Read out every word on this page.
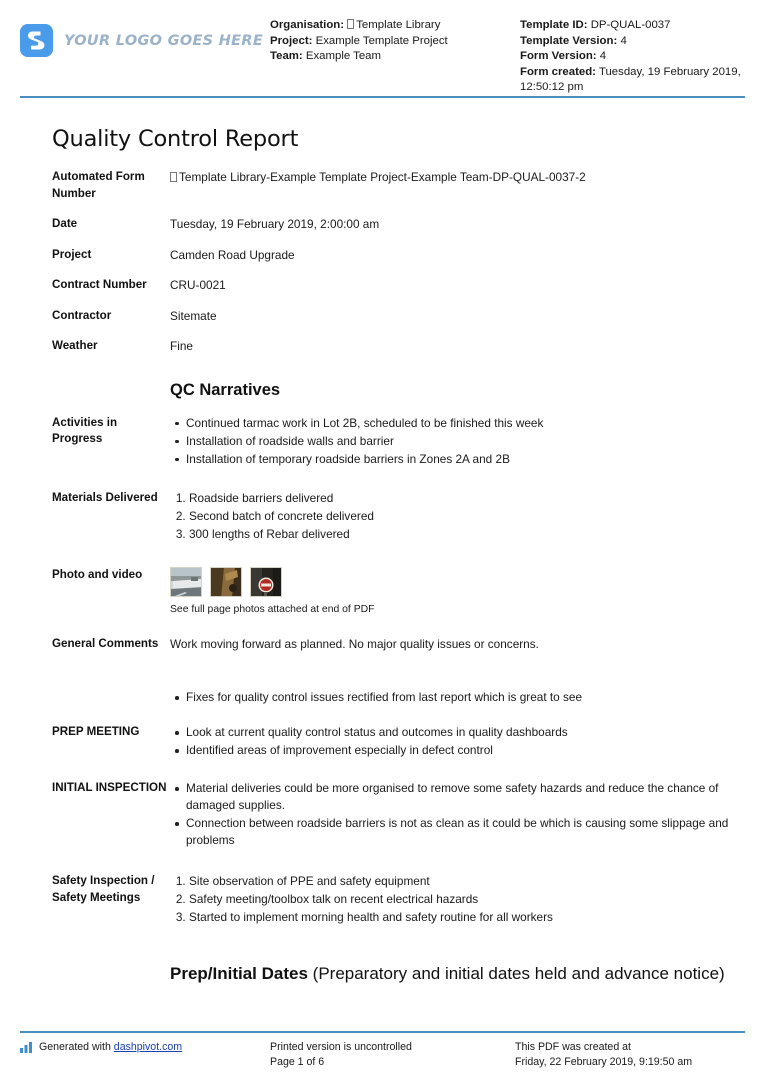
YOUR LOGO GOES HERE
Organisation: Template Library
Project: Example Template Project
Team: Example Team
Template ID: DP-QUAL-0037
Template Version: 4
Form Version: 4
Form created: Tuesday, 19 February 2019, 12:50:12 pm
Quality Control Report
Automated Form Number
Template Library-Example Template Project-Example Team-DP-QUAL-0037-2
Date	Tuesday, 19 February 2019, 2:00:00 am
Project	Camden Road Upgrade
Contract Number	CRU-0021
Contractor	Sitemate
Weather	Fine
QC Narratives
Activities in Progress
Continued tarmac work in Lot 2B, scheduled to be finished this week
Installation of roadside walls and barrier
Installation of temporary roadside barriers in Zones 2A and 2B
Materials Delivered	1. Roadside barriers delivered
2. Second batch of concrete delivered
3. 300 lengths of Rebar delivered
Photo and video
See full page photos attached at end of PDF
General Comments Work moving forward as planned. No major quality issues or concerns.

Fixes for quality control issues rectified from last report which is great to see
PREP MEETING	Look at current quality control status and outcomes in quality dashboards
Identified areas of improvement especially in defect control
INITIAL INSPECTION	Material deliveries could be more organised to remove some safety hazards and reduce the chance of damaged supplies.
Connection between roadside barriers is not as clean as it could be which is causing some slippage and problems
Safety Inspection / Safety Meetings
1. Site observation of PPE and safety equipment
2. Safety meeting/toolbox talk on recent electrical hazards
3. Started to implement morning health and safety routine for all workers
Prep/Initial Dates (Preparatory and initial dates held and advance notice)
Generated with dashpivot.com	Printed version is uncontrolled
Page 1 of 6
This PDF was created at
Friday, 22 February 2019, 9:19:50 am
